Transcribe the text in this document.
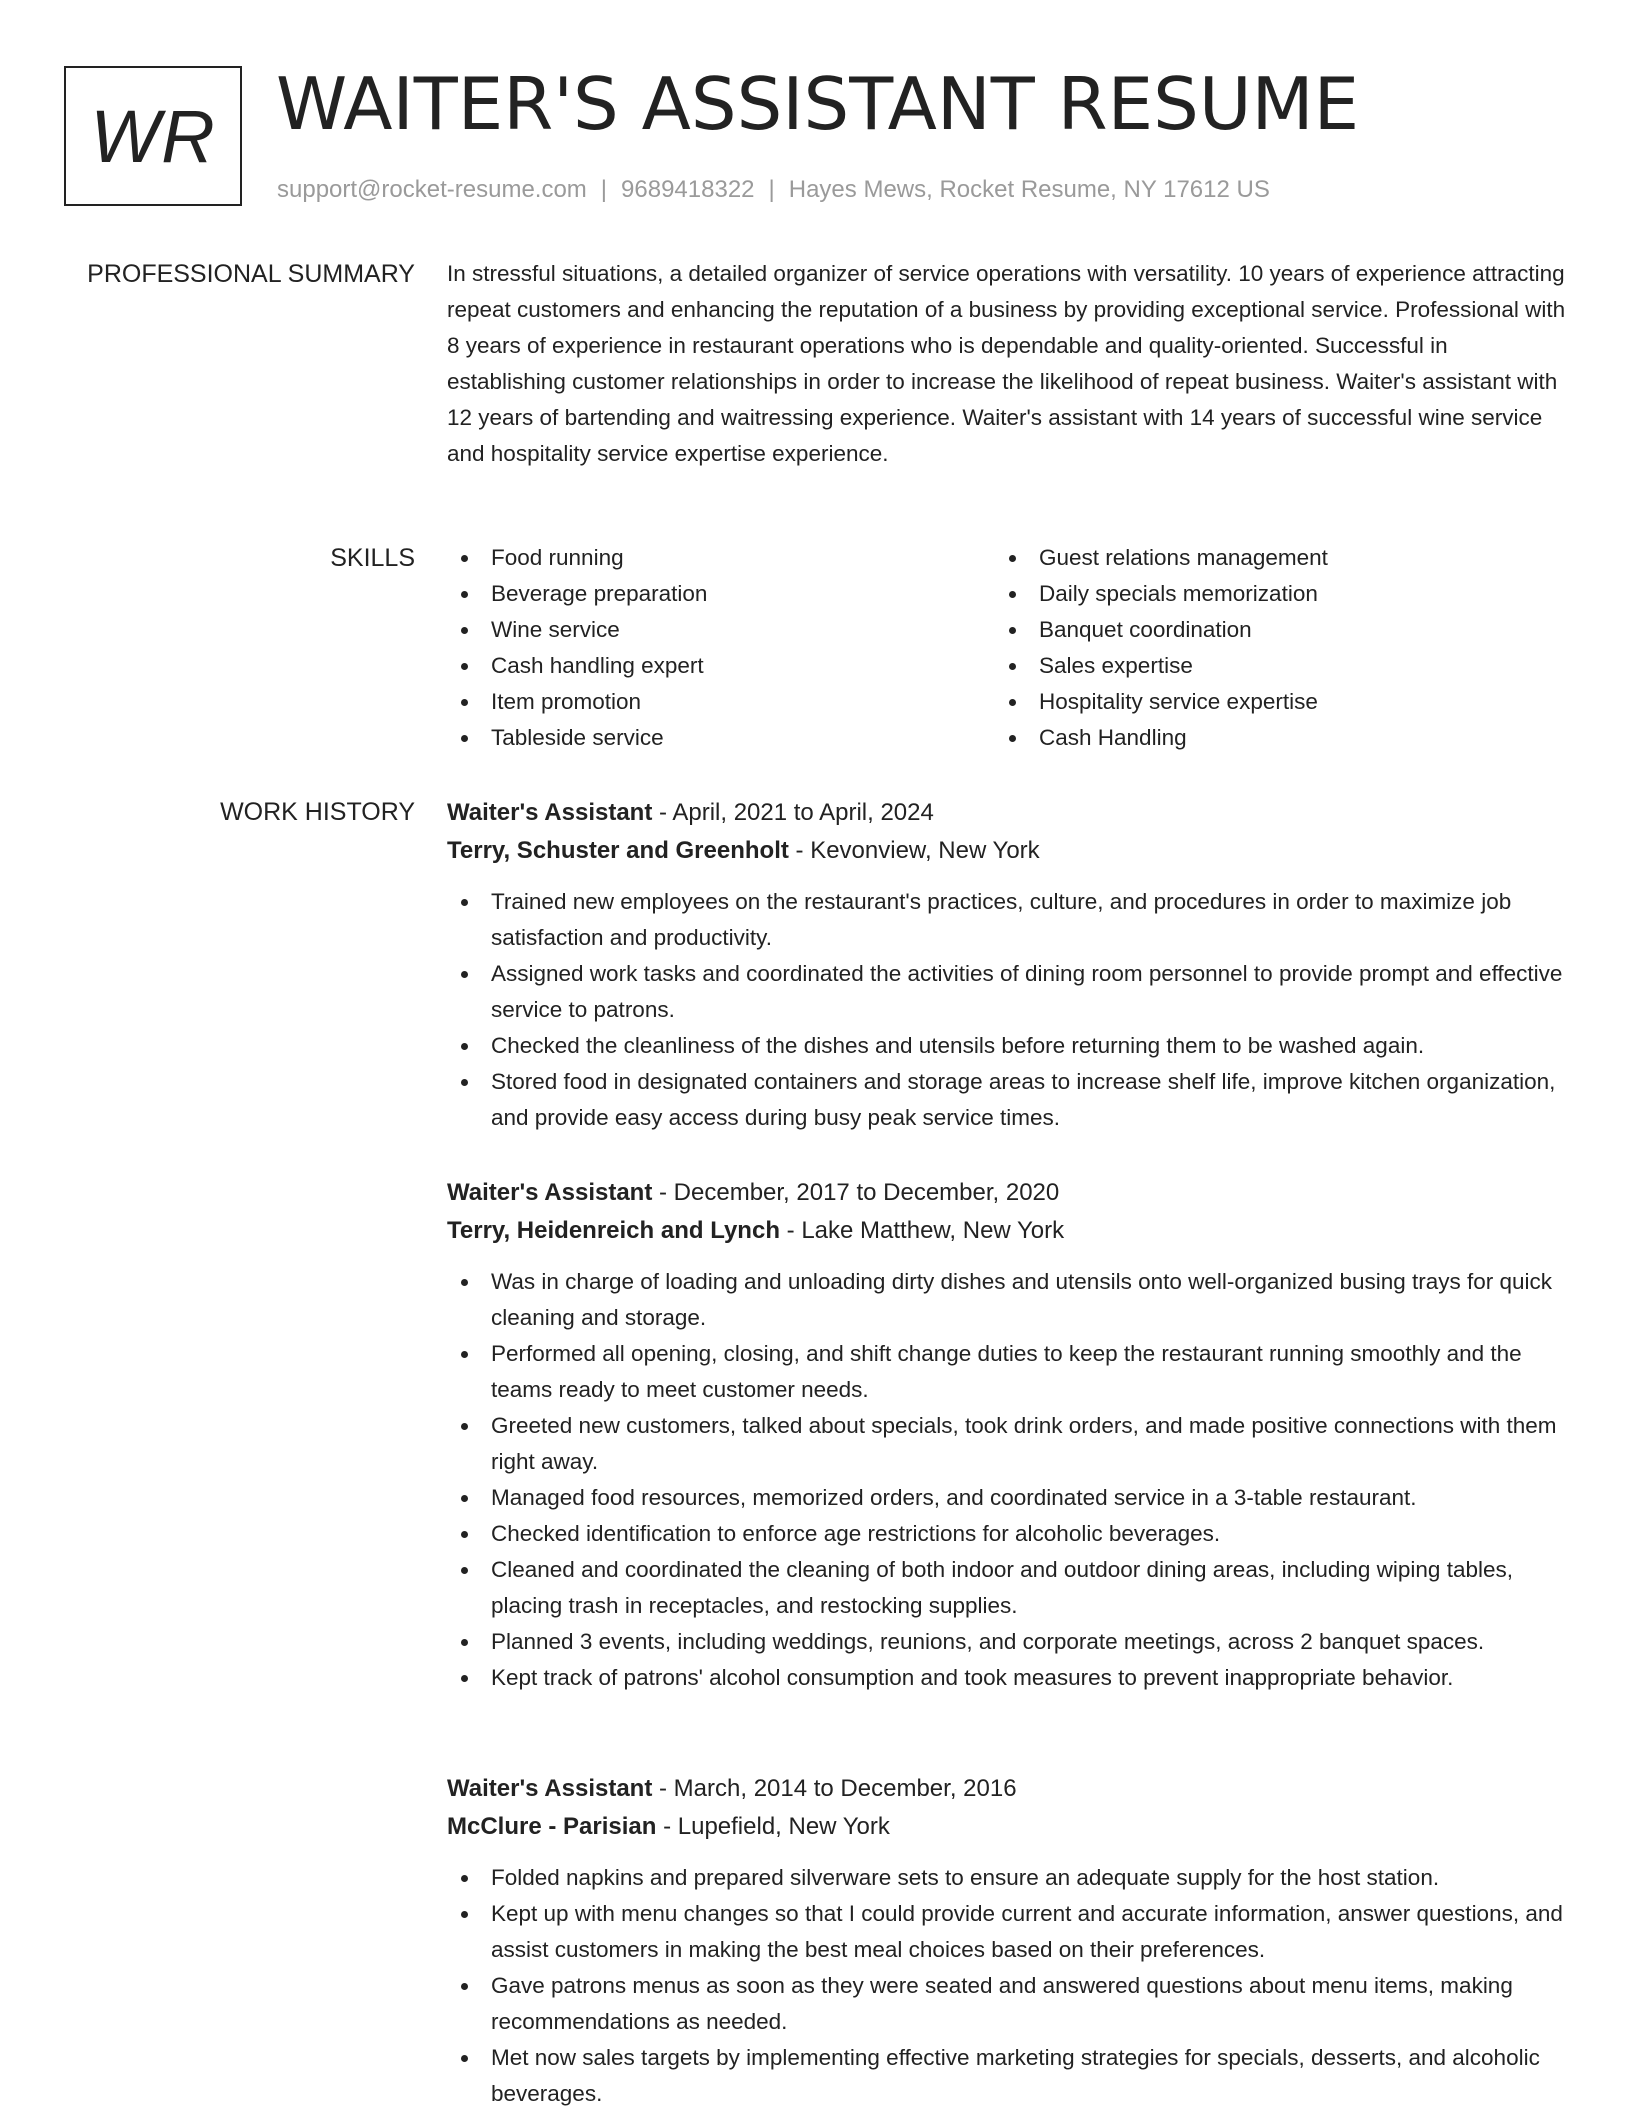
WR WAITER'S ASSISTANT RESUME
support@rocket-resume.com | 9689418322 | Hayes Mews, Rocket Resume, NY 17612 US
PROFESSIONAL SUMMARY In stressful situations, a detailed organizer of service operations with versatility. 10 years of experience attracting repeat customers and enhancing the reputation of a business by providing exceptional service. Professional with 8 years of experience in restaurant operations who is dependable and quality-oriented. Successful in establishing customer relationships in order to increase the likelihood of repeat business. Waiter's assistant with 12 years of bartending and waitressing experience. Waiter's assistant with 14 years of successful wine service and hospitality service expertise experience.

SKILLS	Food running
Beverage preparation
Wine service
Cash handling expert
Item promotion
Tableside service
Guest relations management
Daily specials memorization
Banquet coordination
Sales expertise
Hospitality service expertise
Cash Handling
WORK HISTORY Waiter's Assistant - April, 2021 to April, 2024
Terry, Schuster and Greenholt - Kevonview, New York
Trained new employees on the restaurant's practices, culture, and procedures in order to maximize job satisfaction and productivity.
Assigned work tasks and coordinated the activities of dining room personnel to provide prompt and effective service to patrons.
Checked the cleanliness of the dishes and utensils before returning them to be washed again.
Stored food in designated containers and storage areas to increase shelf life, improve kitchen organization, and provide easy access during busy peak service times.
Waiter's Assistant - December, 2017 to December, 2020
Terry, Heidenreich and Lynch - Lake Matthew, New York
Was in charge of loading and unloading dirty dishes and utensils onto well-organized busing trays for quick cleaning and storage.
Performed all opening, closing, and shift change duties to keep the restaurant running smoothly and the teams ready to meet customer needs.
Greeted new customers, talked about specials, took drink orders, and made positive connections with them right away.
Managed food resources, memorized orders, and coordinated service in a 3-table restaurant.
Checked identification to enforce age restrictions for alcoholic beverages.
Cleaned and coordinated the cleaning of both indoor and outdoor dining areas, including wiping tables, placing trash in receptacles, and restocking supplies.
Planned 3 events, including weddings, reunions, and corporate meetings, across 2 banquet spaces.
Kept track of patrons' alcohol consumption and took measures to prevent inappropriate behavior.
Waiter's Assistant - March, 2014 to December, 2016
McClure - Parisian - Lupefield, New York
Folded napkins and prepared silverware sets to ensure an adequate supply for the host station.
Kept up with menu changes so that I could provide current and accurate information, answer questions, and assist customers in making the best meal choices based on their preferences.
Gave patrons menus as soon as they were seated and answered questions about menu items, making recommendations as needed.
Met now sales targets by implementing effective marketing strategies for specials, desserts, and alcoholic beverages.
